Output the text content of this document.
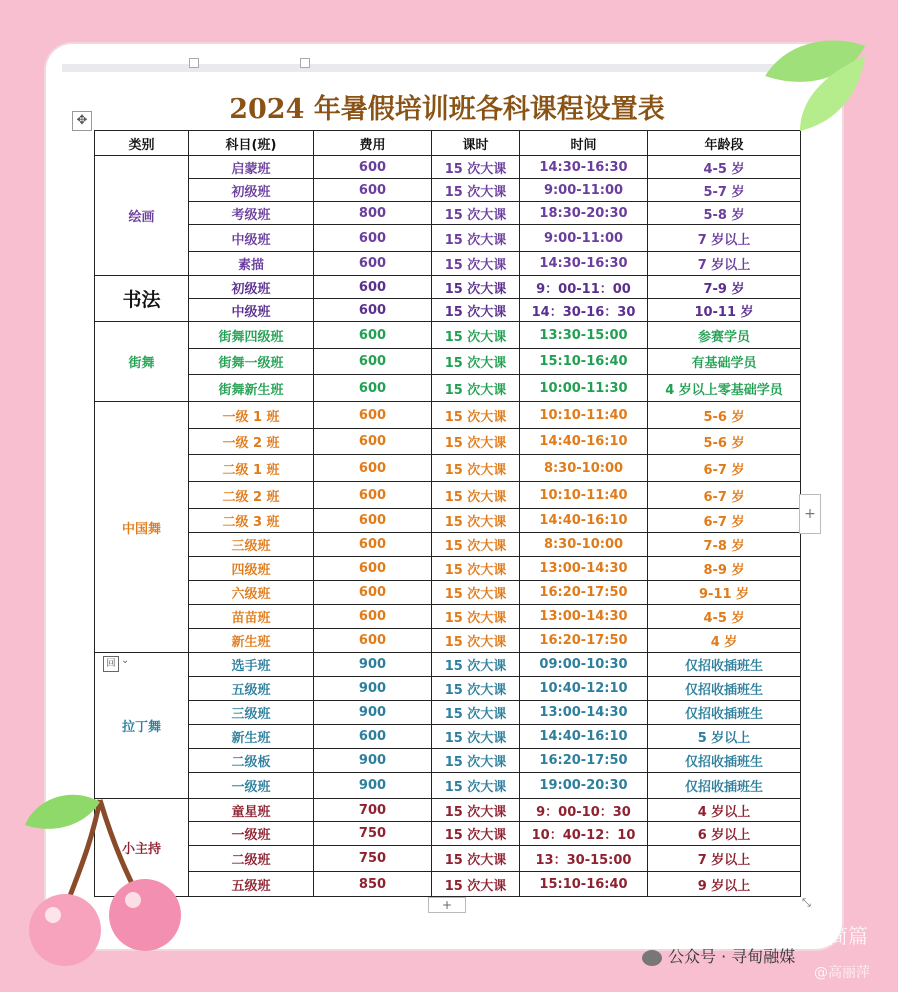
✥	2024 年暑假培训班各科课程设置表
类别	科目(班)	费用	课时	时间	年龄段
绘画	启蒙班	600	15 次大课	14:30-16:30	4-5 岁
	初级班	600	15 次大课	9:00-11:00	5-7 岁
	考级班	800	15 次大课	18:30-20:30	5-8 岁
	中级班	600	15 次大课	9:00-11:00	7 岁以上
	素描	600	15 次大课	14:30-16:30	7 岁以上
书法	初级班	600	15 次大课	9：00-11：00	7-9 岁
	中级班	600	15 次大课	14：30-16：30	10-11 岁
街舞	街舞四级班	600	15 次大课	13:30-15:00	参赛学员
	街舞一级班	600	15 次大课	15:10-16:40	有基础学员
	街舞新生班	600	15 次大课	10:00-11:30	4 岁以上零基础学员
中国舞	一级 1 班	600	15 次大课	10:10-11:40	5-6 岁
	一级 2 班	600	15 次大课	14:40-16:10	5-6 岁
	二级 1 班	600	15 次大课	8:30-10:00	6-7 岁
	二级 2 班	600	15 次大课	10:10-11:40	6-7 岁
	二级 3 班	600	15 次大课	14:40-16:10	6-7 岁
	三级班	600	15 次大课	8:30-10:00	7-8 岁
	四级班	600	15 次大课	13:00-14:30	8-9 岁
	六级班	600	15 次大课	16:20-17:50	9-11 岁
	苗苗班	600	15 次大课	13:00-14:30	4-5 岁
	新生班	600	15 次大课	16:20-17:50	4 岁
拉丁舞	选手班	900	15 次大课	09:00-10:30	仅招收插班生
	五级班	900	15 次大课	10:40-12:10	仅招收插班生
	三级班	900	15 次大课	13:00-14:30	仅招收插班生
	新生班	600	15 次大课	14:40-16:10	5 岁以上
	二级板	900	15 次大课	16:20-17:50	仅招收插班生
	一级班	900	15 次大课	19:00-20:30	仅招收插班生
小主持	童星班	700	15 次大课	9：00-10：30	4 岁以上
	一级班	750	15 次大课	10：40-12：10	6 岁以上
	二级班	750	15 次大课	13：30-15:00	7 岁以上
	五级班	850	15 次大课	15:10-16:40	9 岁以上
+
+	⤡
回 ⌄
公众号 · 寻甸融媒
简篇
@高丽萍
